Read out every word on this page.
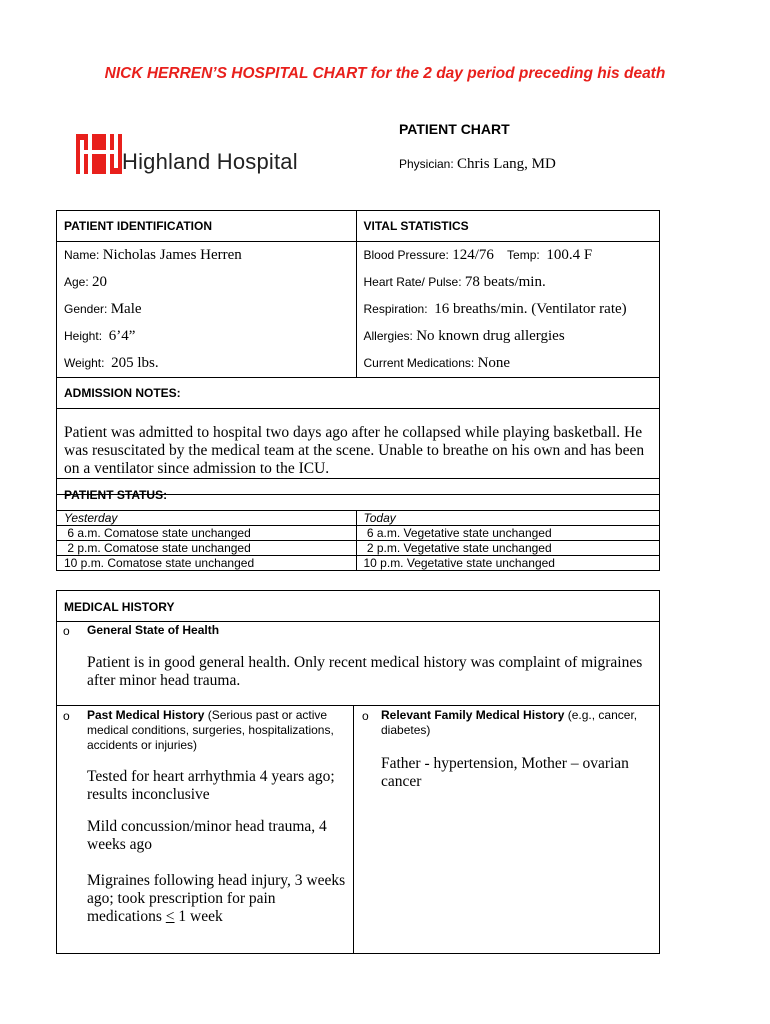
NICK HERREN’S HOSPITAL CHART for the 2 day period preceding his death
Highland Hospital
PATIENT CHART
Physician: Chris Lang, MD
PATIENT IDENTIFICATION	VITAL STATISTICS
Name: Nicholas James Herren	Blood Pressure: 124/76 Temp: 100.4 F
Age: 20	Heart Rate/ Pulse: 78 beats/min.
Gender: Male	Respiration: 16 breaths/min. (Ventilator rate)
Height: 6’4”	Allergies: No known drug allergies
Weight: 205 lbs.	Current Medications: None
ADMISSION NOTES:	

Patient was admitted to hospital two days ago after he collapsed while playing basketball. He was resuscitated by the medical team at the scene. Unable to breathe on his own and has been on a ventilator since admission to the ICU.	
PATIENT STATUS:
Yesterday	Today
6 a.m. Comatose state unchanged	6 a.m. Vegetative state unchanged
2 p.m. Comatose state unchanged	2 p.m. Vegetative state unchanged
10 p.m. Comatose state unchanged	10 p.m. Vegetative state unchanged
MEDICAL HISTORY
o General State of Health
Patient is in good general health. Only recent medical history was complaint of migraines after minor head trauma.
o Past Medical History (Serious past or active medical conditions, surgeries, hospitalizations, accidents or injuries)
Tested for heart arrhythmia 4 years ago; results inconclusive
Mild concussion/minor head trauma, 4 weeks ago
Migraines following head injury, 3 weeks ago; took prescription for pain medications < 1 week
o Relevant Family Medical History (e.g., cancer, diabetes)
Father - hypertension, Mother – ovarian cancer
